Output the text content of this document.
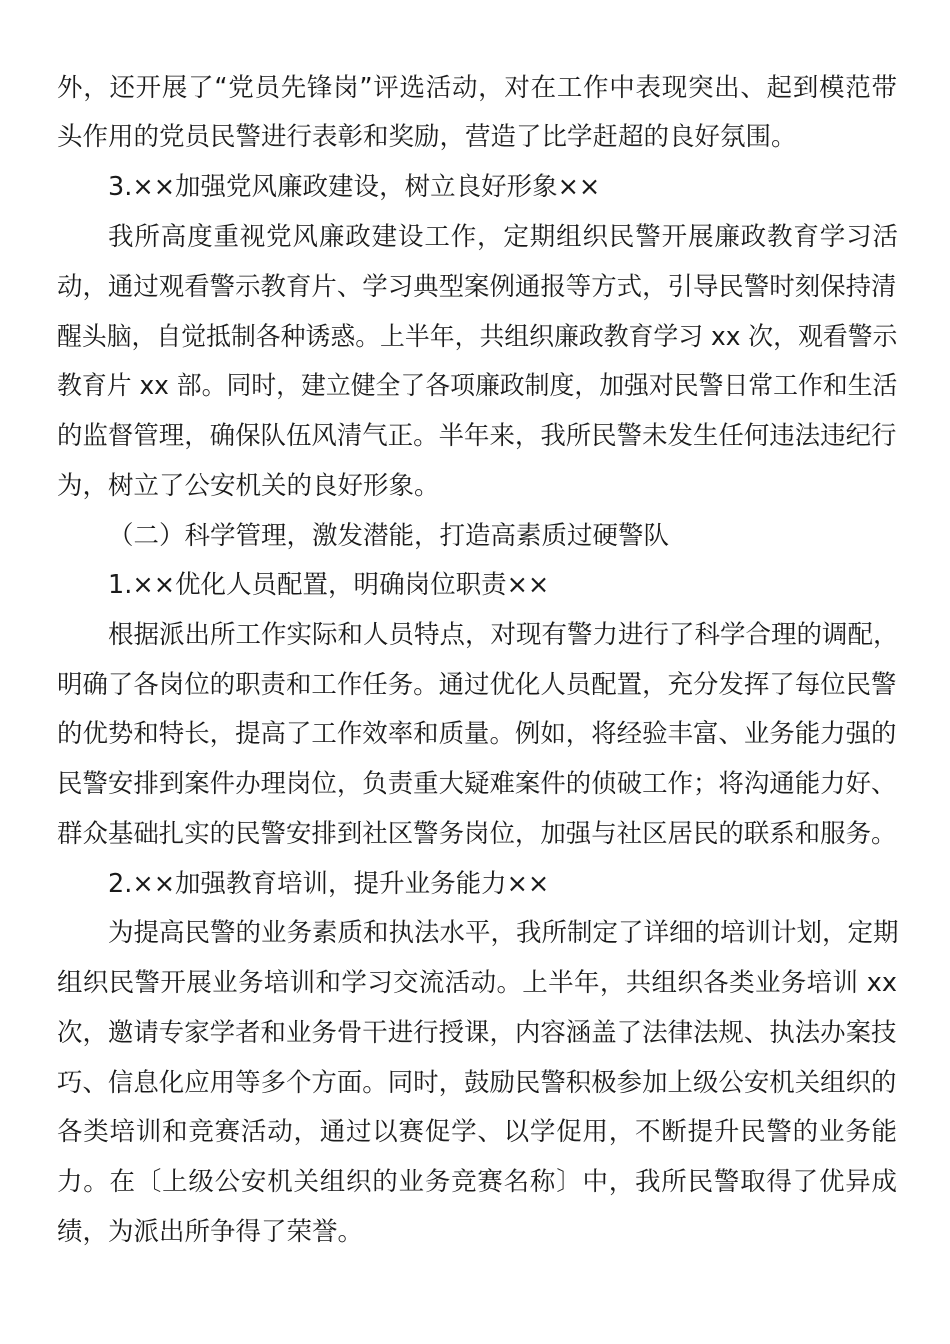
外，还开展了“党员先锋岗”评选活动，对在工作中表现突出、起到模范带
头作用的党员民警进行表彰和奖励，营造了比学赶超的良好氛围。
3.××加强党风廉政建设，树立良好形象××
我所高度重视党风廉政建设工作，定期组织民警开展廉政教育学习活
动，通过观看警示教育片、学习典型案例通报等方式，引导民警时刻保持清
醒头脑，自觉抵制各种诱惑。上半年，共组织廉政教育学习 xx 次，观看警示
教育片 xx 部。同时，建立健全了各项廉政制度，加强对民警日常工作和生活
的监督管理，确保队伍风清气正。半年来，我所民警未发生任何违法违纪行
为，树立了公安机关的良好形象。
（二）科学管理，激发潜能，打造高素质过硬警队
1.××优化人员配置，明确岗位职责××
根据派出所工作实际和人员特点，对现有警力进行了科学合理的调配，
明确了各岗位的职责和工作任务。通过优化人员配置，充分发挥了每位民警
的优势和特长，提高了工作效率和质量。例如，将经验丰富、业务能力强的
民警安排到案件办理岗位，负责重大疑难案件的侦破工作；将沟通能力好、
群众基础扎实的民警安排到社区警务岗位，加强与社区居民的联系和服务。
2.××加强教育培训，提升业务能力××
为提高民警的业务素质和执法水平，我所制定了详细的培训计划，定期
组织民警开展业务培训和学习交流活动。上半年，共组织各类业务培训 xx
次，邀请专家学者和业务骨干进行授课，内容涵盖了法律法规、执法办案技
巧、信息化应用等多个方面。同时，鼓励民警积极参加上级公安机关组织的
各类培训和竞赛活动，通过以赛促学、以学促用，不断提升民警的业务能
力。在〔上级公安机关组织的业务竞赛名称〕中，我所民警取得了优异成
绩，为派出所争得了荣誉。
